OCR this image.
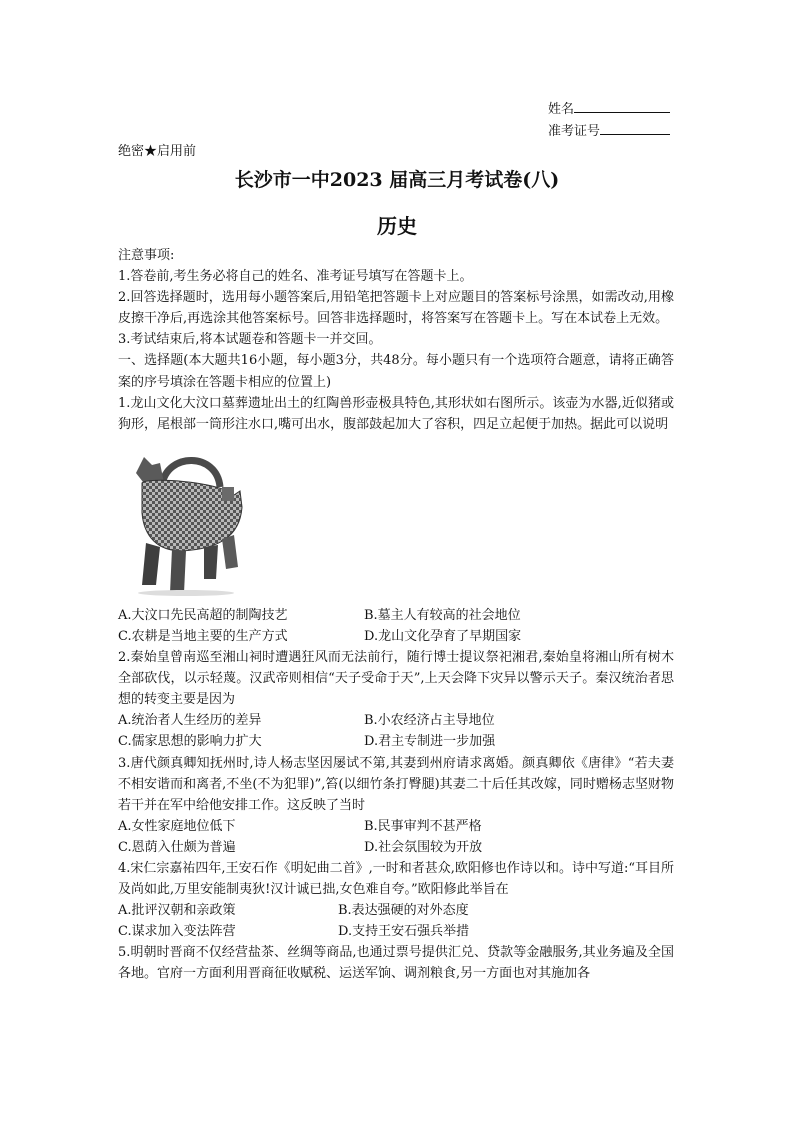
姓名
准考证号
绝密★启用前
长沙市一中2023 届高三月考试卷(八)
历史

注意事项:

1.答卷前,考生务必将自己的姓名、准考证号填写在答题卡上。

2.回答选择题时，选用每小题答案后,用铅笔把答题卡上对应题目的答案标号涂黑，如需改动,用橡皮擦干净后,再选涂其他答案标号。回答非选择题时，将答案写在答题卡上。写在本试卷上无效。

3.考试结束后,将本试题卷和答题卡一并交回。

一、选择题(本大题共16小题，每小题3分，共48分。每小题只有一个选项符合题意，请将正确答案的序号填涂在答题卡相应的位置上)

1.龙山文化大汶口墓葬遗址出土的红陶兽形壶极具特色,其形状如右图所示。该壶为水器,近似猪或狗形，尾根部一筒形注水口,嘴可出水，腹部鼓起加大了容积，四足立起便于加热。据此可以说明

A.大汶口先民高超的制陶技艺	B.墓主人有较高的社会地位
C.农耕是当地主要的生产方式	D.龙山文化孕育了早期国家

2.秦始皇曾南巡至湘山祠时遭遇狂风而无法前行，随行博士提议祭祀湘君,秦始皇将湘山所有树木全部砍伐，以示轻蔑。汉武帝则相信“天子受命于天”,上天会降下灾异以警示天子。秦汉统治者思想的转变主要是因为

A.统治者人生经历的差异	B.小农经济占主导地位
C.儒家思想的影响力扩大	D.君主专制进一步加强

3.唐代颜真卿知抚州时,诗人杨志坚因屡试不第,其妻到州府请求离婚。颜真卿依《唐律》“若夫妻不相安谐而和离者,不坐(不为犯罪)”,笞(以细竹条打臀腿)其妻二十后任其改嫁，同时赠杨志坚财物若干并在军中给他安排工作。这反映了当时

A.女性家庭地位低下	B.民事审判不甚严格
C.恩荫入仕颇为普遍	D.社会氛围较为开放

4.宋仁宗嘉祐四年,王安石作《明妃曲二首》,一时和者甚众,欧阳修也作诗以和。诗中写道:“耳目所及尚如此,万里安能制夷狄!汉计诚已拙,女色难自夸。”欧阳修此举旨在

A.批评汉朝和亲政策	B.表达强硬的对外态度
C.谋求加入变法阵营	D.支持王安石强兵举措

5.明朝时晋商不仅经营盐茶、丝绸等商品,也通过票号提供汇兑、贷款等金融服务,其业务遍及全国各地。官府一方面利用晋商征收赋税、运送军饷、调剂粮食,另一方面也对其施加各
